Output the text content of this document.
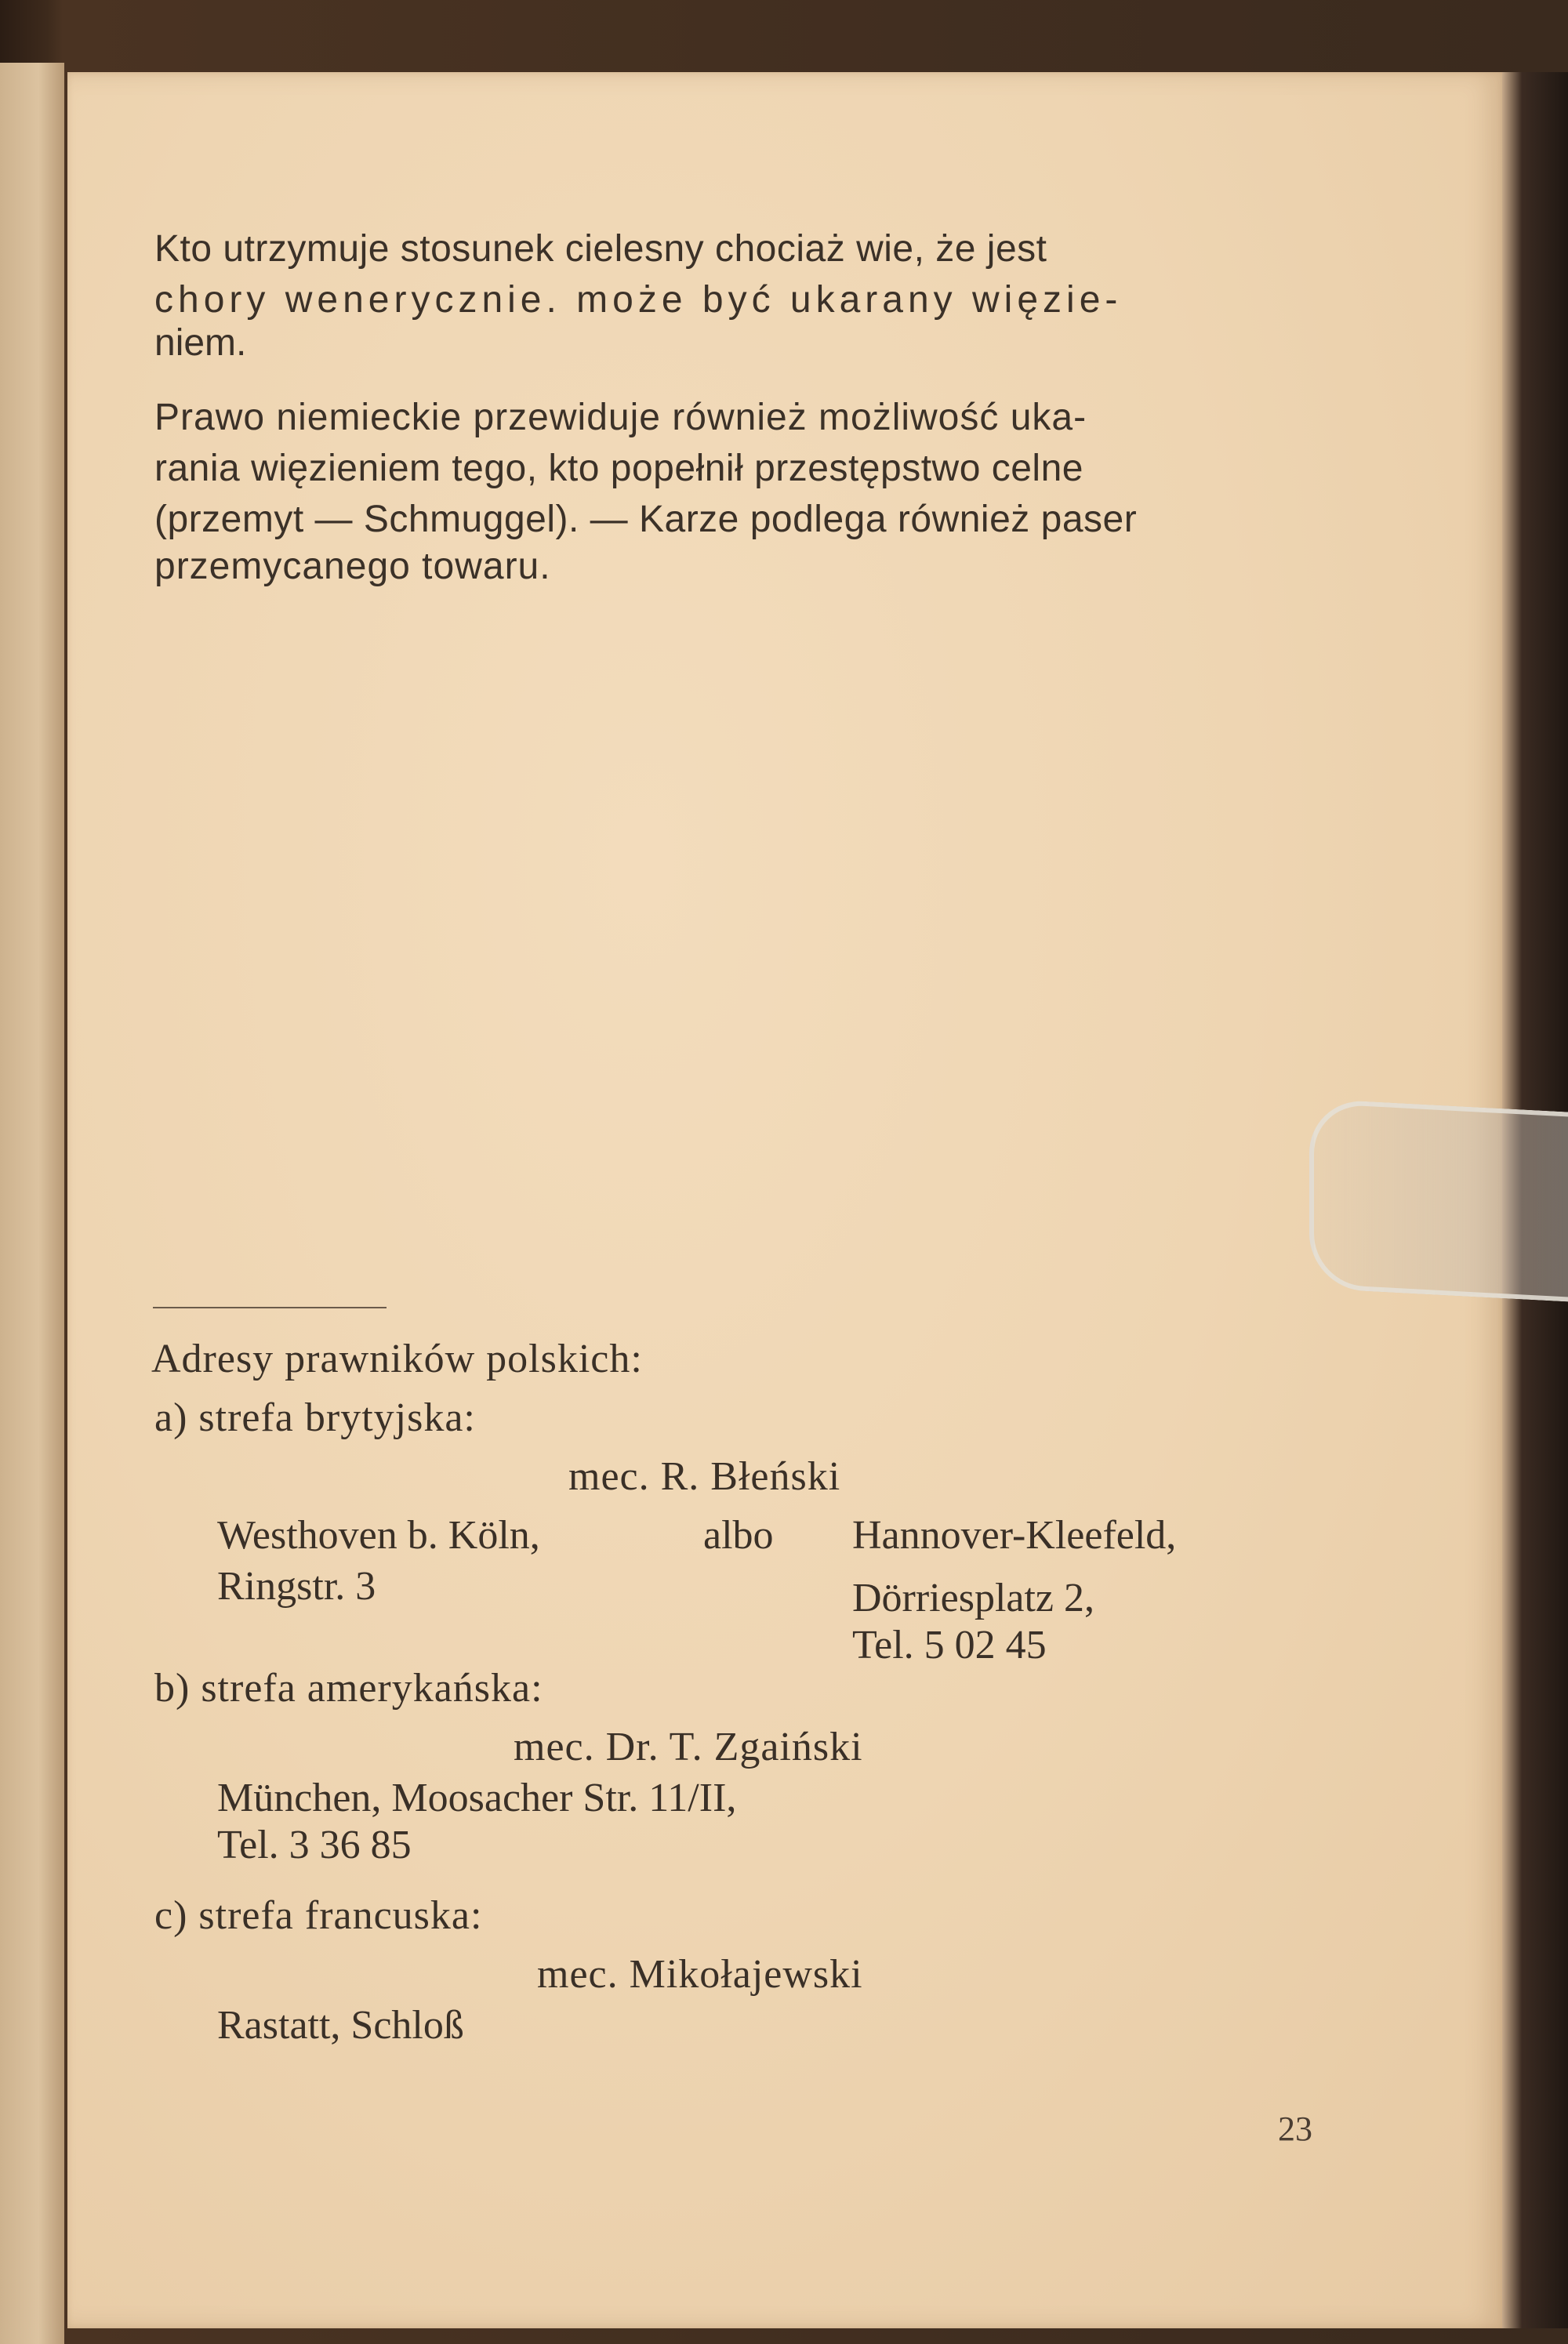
Kto utrzymuje stosunek cielesny chociaż wie, że jest
chory wenerycznie. może być ukarany więzie-
niem.
Prawo niemieckie przewiduje również możliwość uka-
rania więzieniem tego, kto popełnił przestępstwo celne
(przemyt — Schmuggel). — Karze podlega również paser
przemycanego towaru.
Adresy prawników polskich:
a) strefa brytyjska:
mec. R. Błeński
Westhoven b. Köln,
Ringstr. 3
albo Hannover-Kleefeld,
Dörriesplatz 2,
Tel. 5 02 45
b) strefa amerykańska:
mec. Dr. T. Zgaiński
München, Moosacher Str. 11/II,
Tel. 3 36 85
c) strefa francuska:
mec. Mikołajewski
Rastatt, Schloß
23
